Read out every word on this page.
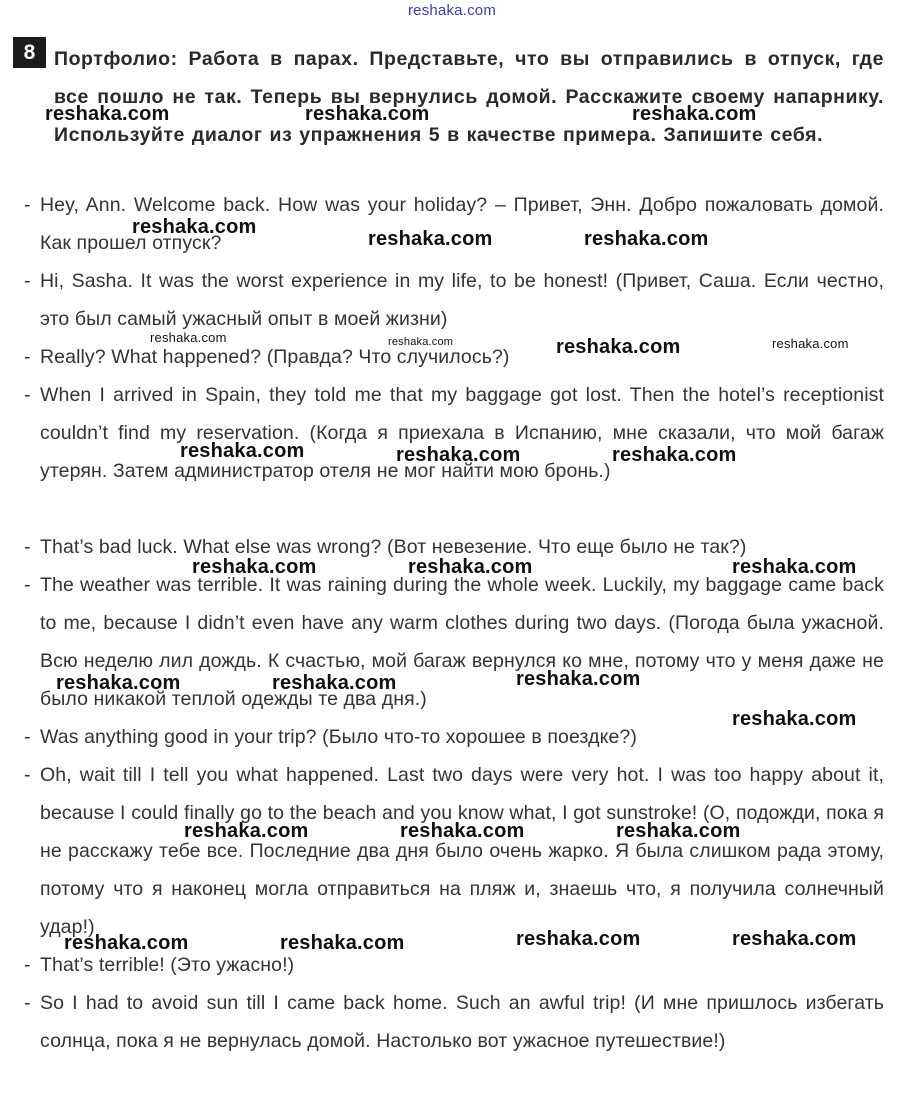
reshaka.com
8 Портфолио: Работа в парах. Представьте, что вы отправились в отпуск, где все пошло не так. Теперь вы вернулись домой. Расскажите своему напарнику. Используйте диалог из упражнения 5 в качестве примера. Запишите себя.
- Hey, Ann. Welcome back. How was your holiday? – Привет, Энн. Добро пожаловать домой. Как прошел отпуск?
- Hi, Sasha. It was the worst experience in my life, to be honest! (Привет, Саша. Если честно, это был самый ужасный опыт в моей жизни)
- Really? What happened? (Правда? Что случилось?)
- When I arrived in Spain, they told me that my baggage got lost. Then the hotel’s receptionist couldn’t find my reservation. (Когда я приехала в Испанию, мне сказали, что мой багаж утерян. Затем администратор отеля не мог найти мою бронь.)
- That’s bad luck. What else was wrong? (Вот невезение. Что еще было не так?)
- The weather was terrible. It was raining during the whole week. Luckily, my baggage came back to me, because I didn’t even have any warm clothes during two days. (Погода была ужасной. Всю неделю лил дождь. К счастью, мой багаж вернулся ко мне, потому что у меня даже не было никакой теплой одежды те два дня.)
- Was anything good in your trip? (Было что-то хорошее в поездке?)
- Oh, wait till I tell you what happened. Last two days were very hot. I was too happy about it, because I could finally go to the beach and you know what, I got sunstroke! (О, подожди, пока я не расскажу тебе все. Последние два дня было очень жарко. Я была слишком рада этому, потому что я наконец могла отправиться на пляж и, знаешь что, я получила солнечный удар!)
- That’s terrible! (Это ужасно!)
- So I had to avoid sun till I came back home. Such an awful trip! (И мне пришлось избегать солнца, пока я не вернулась домой. Настолько вот ужасное путешествие!)
reshaka.com	reshaka.com	reshaka.com
reshaka.com
reshaka.com	reshaka.com
reshaka.com
reshaka.com	reshaka.com	reshaka.com
reshaka.com	reshaka.com	reshaka.com
reshaka.com	reshaka.com	reshaka.com
reshaka.com	reshaka.com	reshaka.com
reshaka.com
reshaka.com	reshaka.com	reshaka.com
reshaka.com	reshaka.com	reshaka.com	reshaka.com
